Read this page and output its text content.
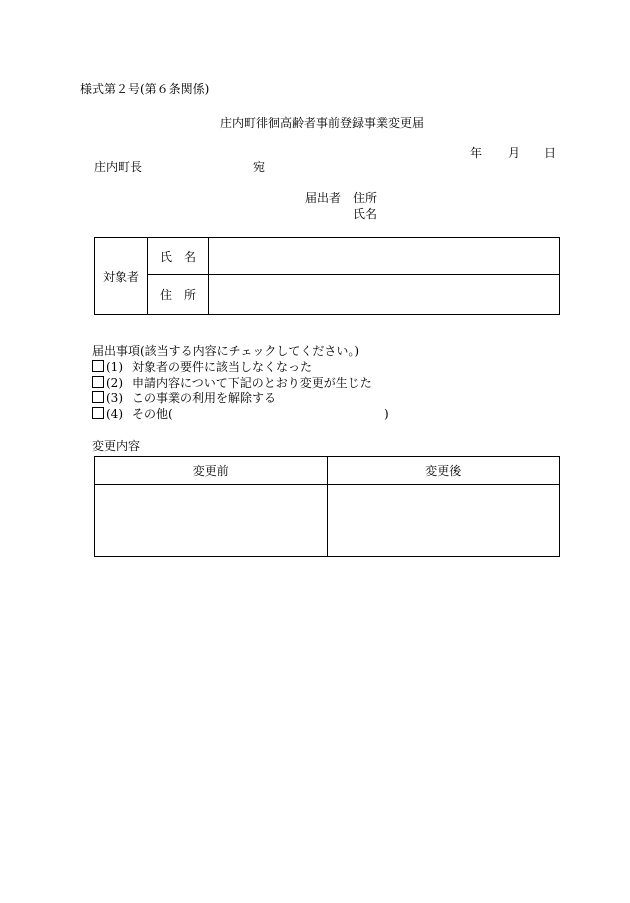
様式第２号(第６条関係)
庄内町徘徊高齢者事前登録事業変更届
年 月 日
庄内町長	宛
届出者 住所
氏名
対象者	氏　名	
	住　所	
届出事項(該当する内容にチェックしてください。)
(1) 対象者の要件に該当しなくなった
(2) 申請内容について下記のとおり変更が生じた
(3) この事業の利用を解除する
(4) その他(	)
変更内容
変更前	変更後
